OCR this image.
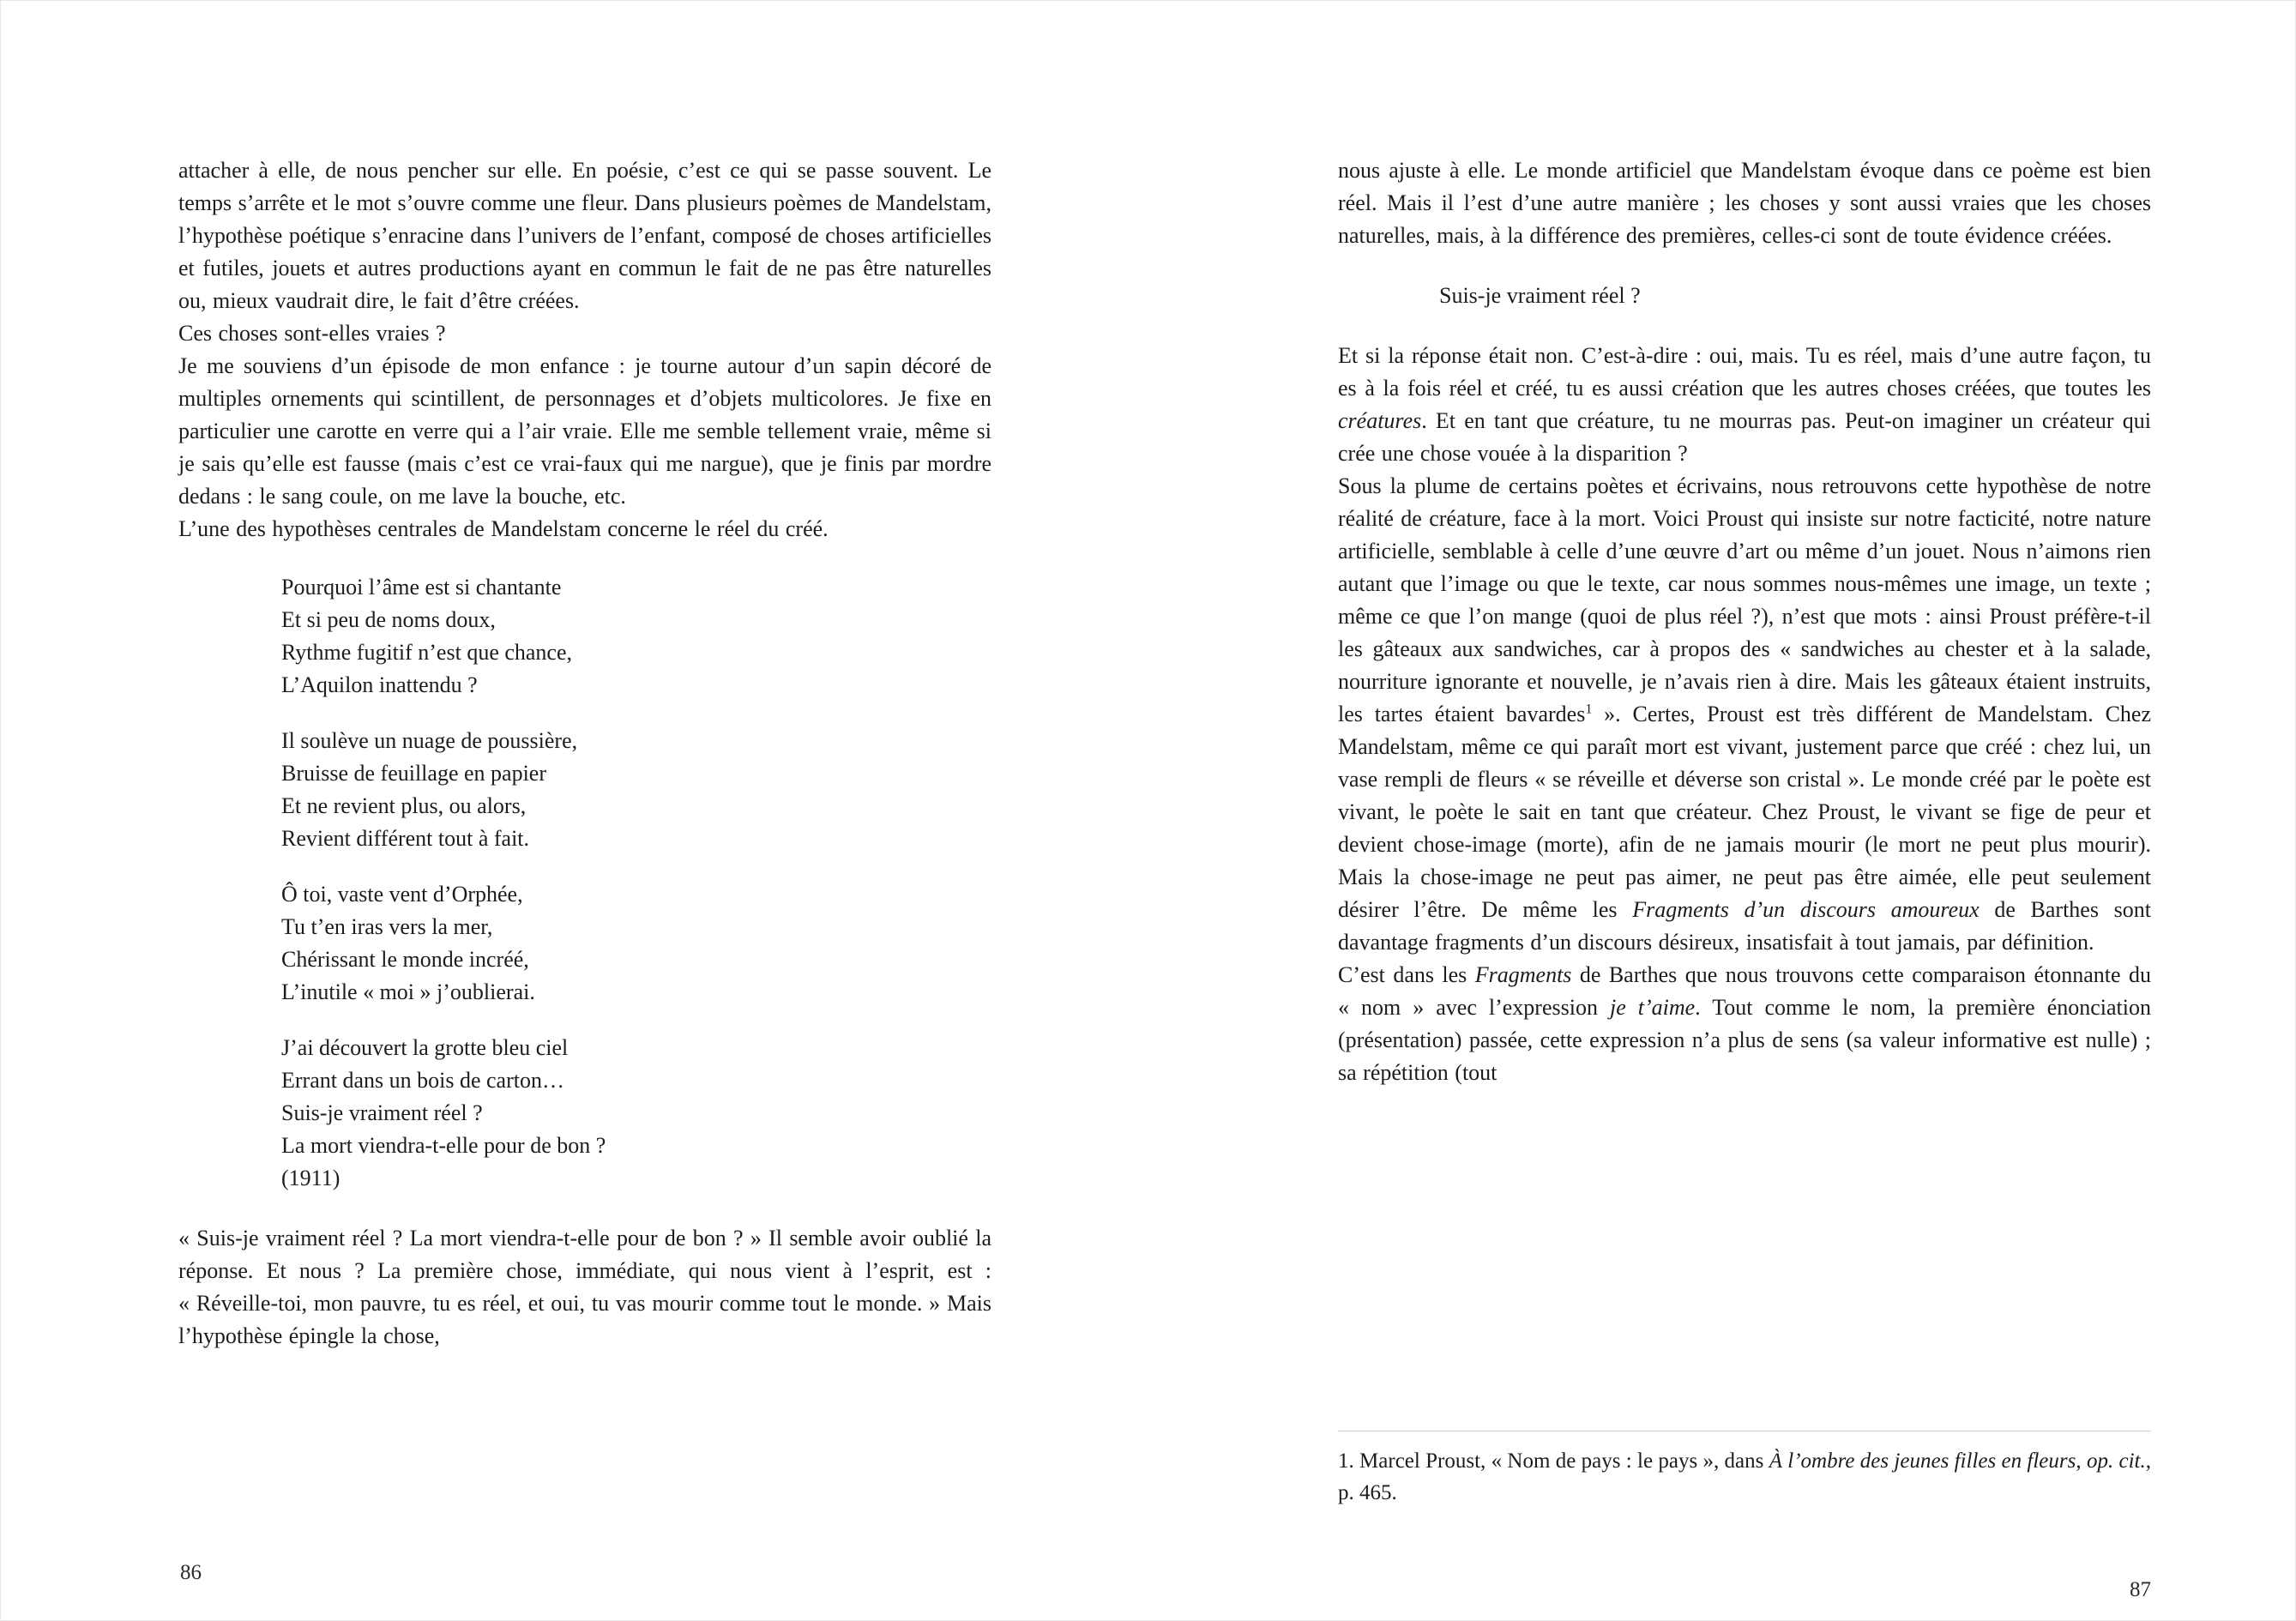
attacher à elle, de nous pencher sur elle. En poésie, c’est ce qui se passe souvent. Le temps s’arrête et le mot s’ouvre comme une fleur. Dans plusieurs poèmes de Mandelstam, l’hypothèse poétique s’enracine dans l’univers de l’enfant, composé de choses artificielles et futiles, jouets et autres productions ayant en commun le fait de ne pas être naturelles ou, mieux vaudrait dire, le fait d’être créées.

Ces choses sont-elles vraies ?

Je me souviens d’un épisode de mon enfance : je tourne autour d’un sapin décoré de multiples ornements qui scintillent, de personnages et d’objets multicolores. Je fixe en particulier une carotte en verre qui a l’air vraie. Elle me semble tellement vraie, même si je sais qu’elle est fausse (mais c’est ce vrai-faux qui me nargue), que je finis par mordre dedans : le sang coule, on me lave la bouche, etc.

L’une des hypothèses centrales de Mandelstam concerne le réel du créé.

Pourquoi l’âme est si chantante

Et si peu de noms doux,

Rythme fugitif n’est que chance,

L’Aquilon inattendu ?

Il soulève un nuage de poussière,

Bruisse de feuillage en papier

Et ne revient plus, ou alors,

Revient différent tout à fait.

Ô toi, vaste vent d’Orphée,

Tu t’en iras vers la mer,

Chérissant le monde incréé,

L’inutile « moi » j’oublierai.

J’ai découvert la grotte bleu ciel

Errant dans un bois de carton…

Suis-je vraiment réel ?

La mort viendra-t-elle pour de bon ?

(1911)

« Suis-je vraiment réel ? La mort viendra-t-elle pour de bon ? » Il semble avoir oublié la réponse. Et nous ? La première chose, immédiate, qui nous vient à l’esprit, est : « Réveille-toi, mon pauvre, tu es réel, et oui, tu vas mourir comme tout le monde. » Mais l’hypothèse épingle la chose,

nous ajuste à elle. Le monde artificiel que Mandelstam évoque dans ce poème est bien réel. Mais il l’est d’une autre manière ; les choses y sont aussi vraies que les choses naturelles, mais, à la différence des premières, celles-ci sont de toute évidence créées.

Suis-je vraiment réel ?

Et si la réponse était non. C’est-à-dire : oui, mais. Tu es réel, mais d’une autre façon, tu es à la fois réel et créé, tu es aussi création que les autres choses créées, que toutes les créatures. Et en tant que créature, tu ne mourras pas. Peut-on imaginer un créateur qui crée une chose vouée à la disparition ?

Sous la plume de certains poètes et écrivains, nous retrouvons cette hypothèse de notre réalité de créature, face à la mort. Voici Proust qui insiste sur notre facticité, notre nature artificielle, semblable à celle d’une œuvre d’art ou même d’un jouet. Nous n’aimons rien autant que l’image ou que le texte, car nous sommes nous-mêmes une image, un texte ; même ce que l’on mange (quoi de plus réel ?), n’est que mots : ainsi Proust préfère-t-il les gâteaux aux sandwiches, car à propos des « sandwiches au chester et à la salade, nourriture ignorante et nouvelle, je n’avais rien à dire. Mais les gâteaux étaient instruits, les tartes étaient bavardes$^1$ ». Certes, Proust est très différent de Mandelstam. Chez Mandelstam, même ce qui paraît mort est vivant, justement parce que créé : chez lui, un vase rempli de fleurs « se réveille et déverse son cristal ». Le monde créé par le poète est vivant, le poète le sait en tant que créateur. Chez Proust, le vivant se fige de peur et devient chose-image (morte), afin de ne jamais mourir (le mort ne peut plus mourir). Mais la chose-image ne peut pas aimer, ne peut pas être aimée, elle peut seulement désirer l’être. De même les Fragments d’un discours amoureux de Barthes sont davantage fragments d’un discours désireux, insatisfait à tout jamais, par définition.

C’est dans les Fragments de Barthes que nous trouvons cette comparaison étonnante du « nom » avec l’expression je t’aime. Tout comme le nom, la première énonciation (présentation) passée, cette expression n’a plus de sens (sa valeur informative est nulle) ; sa répétition (tout

1. Marcel Proust, « Nom de pays : le pays », dans À l’ombre des jeunes filles en fleurs, op. cit., p. 465.

86
87
